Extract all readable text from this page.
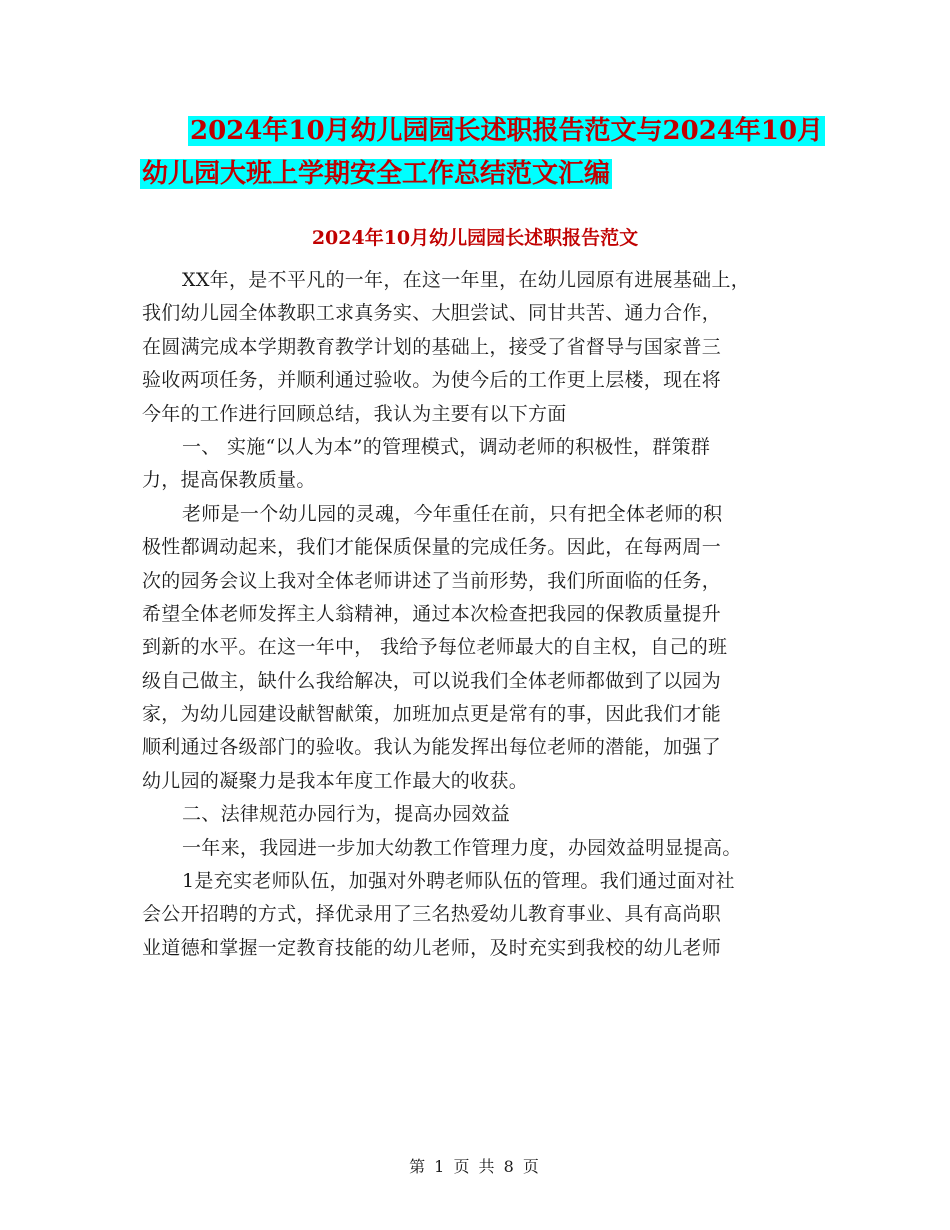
2024年10月幼儿园园长述职报告范文与2024年10月
幼儿园大班上学期安全工作总结范文汇编
2024年10月幼儿园园长述职报告范文
XX年，是不平凡的一年，在这一年里，在幼儿园原有进展基础上，
我们幼儿园全体教职工求真务实、大胆尝试、同甘共苦、通力合作，
在圆满完成本学期教育教学计划的基础上，接受了省督导与国家普三
验收两项任务，并顺利通过验收。为使今后的工作更上层楼，现在将
今年的工作进行回顾总结，我认为主要有以下方面
一、 实施“以人为本”的管理模式，调动老师的积极性，群策群
力，提高保教质量。
老师是一个幼儿园的灵魂，今年重任在前，只有把全体老师的积
极性都调动起来，我们才能保质保量的完成任务。因此，在每两周一
次的园务会议上我对全体老师讲述了当前形势，我们所面临的任务，
希望全体老师发挥主人翁精神，通过本次检查把我园的保教质量提升
到新的水平。在这一年中， 我给予每位老师最大的自主权，自己的班
级自己做主，缺什么我给解决，可以说我们全体老师都做到了以园为
家，为幼儿园建设献智献策，加班加点更是常有的事，因此我们才能
顺利通过各级部门的验收。我认为能发挥出每位老师的潜能，加强了
幼儿园的凝聚力是我本年度工作最大的收获。
二、法律规范办园行为，提高办园效益
一年来，我园进一步加大幼教工作管理力度，办园效益明显提高。
1是充实老师队伍，加强对外聘老师队伍的管理。我们通过面对社
会公开招聘的方式，择优录用了三名热爱幼儿教育事业、具有高尚职
业道德和掌握一定教育技能的幼儿老师，及时充实到我校的幼儿老师
第 1 页 共 8 页
